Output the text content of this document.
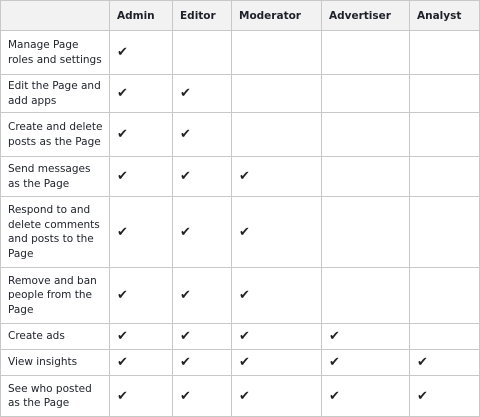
	Admin	Editor	Moderator	Advertiser	Analyst
Manage Page roles and settings	✔				
Edit the Page and add apps	✔	✔			
Create and delete posts as the Page	✔	✔			
Send messages as the Page	✔	✔	✔		
Respond to and delete comments and posts to the Page	✔	✔	✔		
Remove and ban people from the Page	✔	✔	✔		
Create ads	✔	✔	✔	✔	
View insights	✔	✔	✔	✔	✔
See who posted as the Page	✔	✔	✔	✔	✔
